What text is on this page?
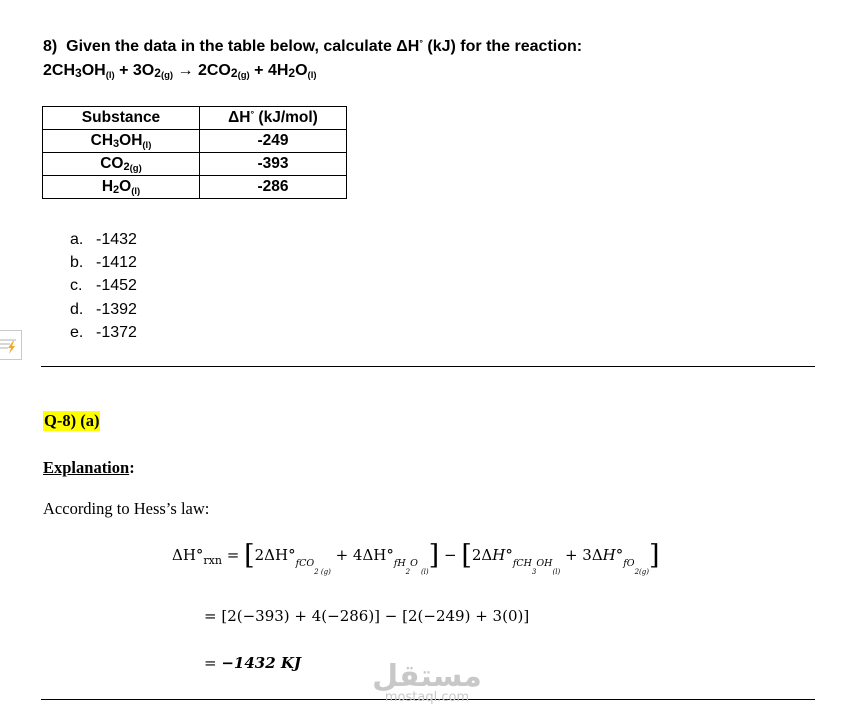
8) Given the data in the table below, calculate ΔH° (kJ) for the reaction:
$2CH_3OH_{(l)} + 3O_{2(g)} \to 2CO_{2(g)} + 4H_2O_{(l)}$
Substance	ΔH° (kJ/mol)
$CH_3OH_{(l)}$	-249
$CO_{2(g)}$	-393
$H_2O_{(l)}$	-286
a. -1432
b. -1412
c. -1452
d. -1392
e. -1372
Q-8) (a)
Explanation:
According to Hess’s law:
$\Delta H^\circ_{rxn} = [2\Delta H^\circ_{fCO_{2 (g)}} + 4\Delta H^\circ_{fH_2O _{(l)}}] - [2\Delta H^\circ_{fCH_3OH_{(l)}} + 3\Delta H^\circ_{fO_{2(g)}}]$
= [2(−393) + 4(−286)] − [2(−249) + 3(0)]
= −1432 KJ مستقل
mostaql.com
